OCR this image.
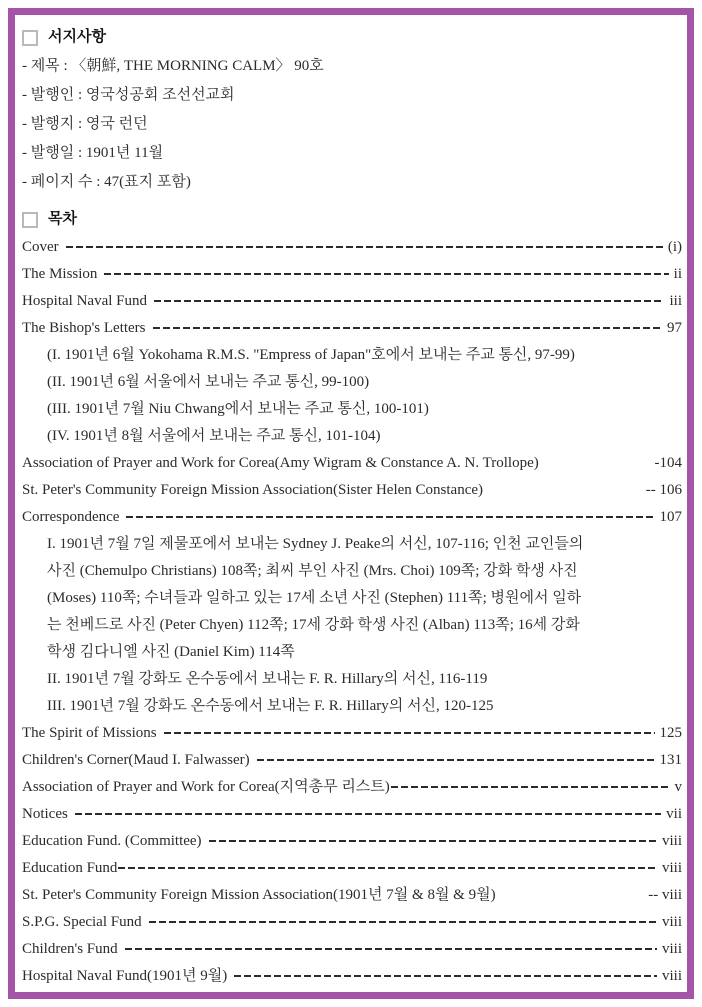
서지사항
- 제목 : 〈朝鮮, THE MORNING CALM〉 90호
- 발행인 : 영국성공회 조선선교회
- 발행지 : 영국 런던
- 발행일 : 1901년 11월
- 페이지 수 : 47(표지 포함)
목차
Cover	(i)
The Mission	ii
Hospital Naval Fund	iii
The Bishop's Letters	97
(I. 1901년 6월 Yokohama R.M.S. "Empress of Japan"호에서 보내는 주교 통신, 97-99)
(II. 1901년 6월 서울에서 보내는 주교 통신, 99-100)
(III. 1901년 7월 Niu Chwang에서 보내는 주교 통신, 100-101)
(IV. 1901년 8월 서울에서 보내는 주교 통신, 101-104)
Association of Prayer and Work for Corea(Amy Wigram & Constance A. N. Trollope)	- 104
St. Peter's Community Foreign Mission Association(Sister Helen Constance)	-- 106
Correspondence	107
I. 1901년 7월 7일 제물포에서 보내는 Sydney J. Peake의 서신, 107-116; 인천 교인들의
사진 (Chemulpo Christians) 108쪽; 최씨 부인 사진 (Mrs. Choi) 109쪽; 강화 학생 사진
(Moses) 110쪽; 수녀들과 일하고 있는 17세 소년 사진 (Stephen) 111쪽; 병원에서 일하
는 천베드로 사진 (Peter Chyen) 112쪽; 17세 강화 학생 사진 (Alban) 113쪽; 16세 강화
학생 김다니엘 사진 (Daniel Kim) 114쪽
II. 1901년 7월 강화도 온수동에서 보내는 F. R. Hillary의 서신, 116-119
III. 1901년 7월 강화도 온수동에서 보내는 F. R. Hillary의 서신, 120-125
The Spirit of Missions	125
Children's Corner(Maud I. Falwasser)	131
Association of Prayer and Work for Corea(지역총무 리스트)	v
Notices	vii
Education Fund. (Committee)	viii
Education Fund	viii
St. Peter's Community Foreign Mission Association(1901년 7월 & 8월 & 9월)	-- viii
S.P.G. Special Fund	viii
Children's Fund	viii
Hospital Naval Fund(1901년 9월)	viii
